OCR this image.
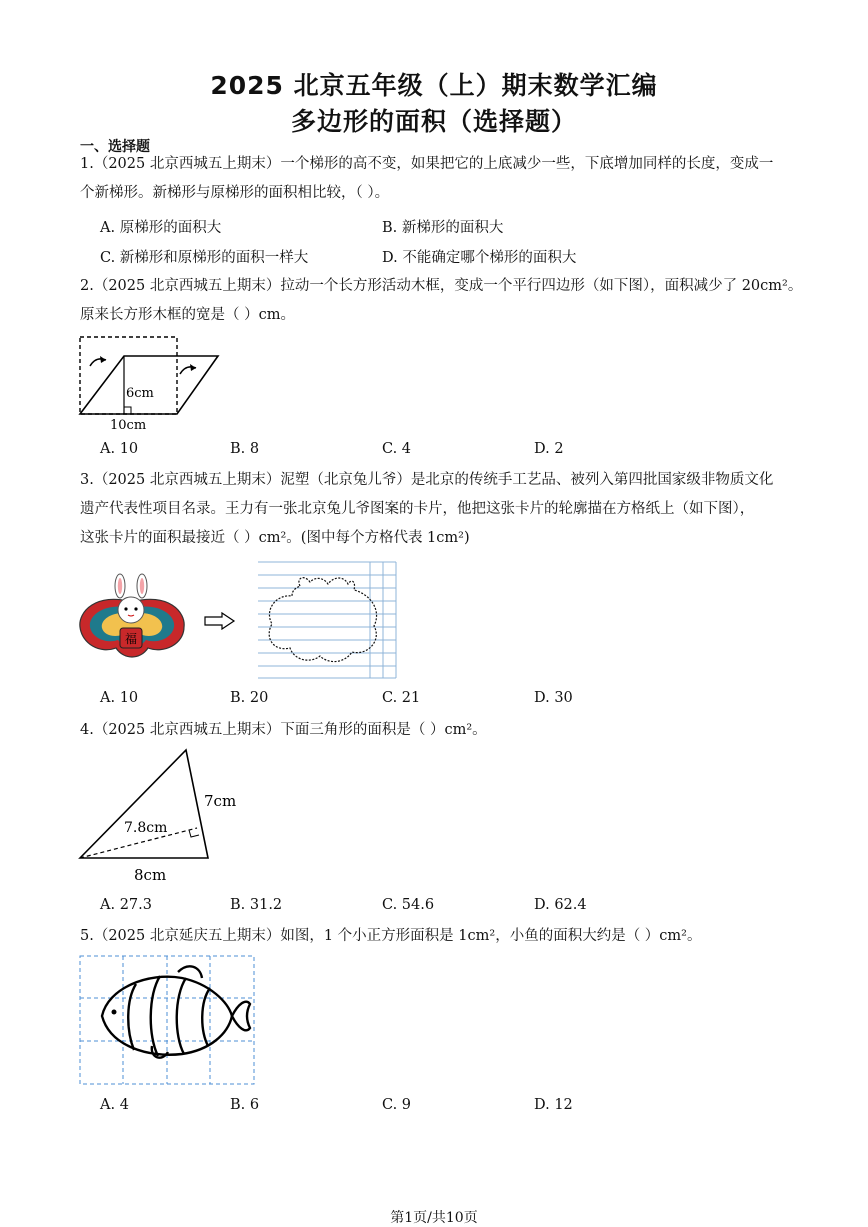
2025 北京五年级（上）期末数学汇编
多边形的面积（选择题）
一、选择题
1.（2025 北京西城五上期末）一个梯形的高不变，如果把它的上底减少一些，下底增加同样的长度，变成一
个新梯形。新梯形与原梯形的面积相比较，（ ）。
A. 原梯形的面积大	B. 新梯形的面积大
C. 新梯形和原梯形的面积一样大	D. 不能确定哪个梯形的面积大
2.（2025 北京西城五上期末）拉动一个长方形活动木框，变成一个平行四边形（如下图），面积减少了 20cm²。
原来长方形木框的宽是（ ）cm。
6cm
10cm
A. 10	B. 8	C. 4	D. 2
3.（2025 北京西城五上期末）泥塑（北京兔儿爷）是北京的传统手工艺品、被列入第四批国家级非物质文化
遗产代表性项目名录。王力有一张北京兔儿爷图案的卡片，他把这张卡片的轮廓描在方格纸上（如下图），
这张卡片的面积最接近（ ）cm²。(图中每个方格代表 1cm²)
福
A. 10	B. 20	C. 21	D. 30
4.（2025 北京西城五上期末）下面三角形的面积是（ ）cm²。
7cm
7.8cm
8cm
A. 27.3	B. 31.2	C. 54.6	D. 62.4
5.（2025 北京延庆五上期末）如图，1 个小正方形面积是 1cm²，小鱼的面积大约是（ ）cm²。
A. 4	B. 6	C. 9	D. 12
第1页/共10页
